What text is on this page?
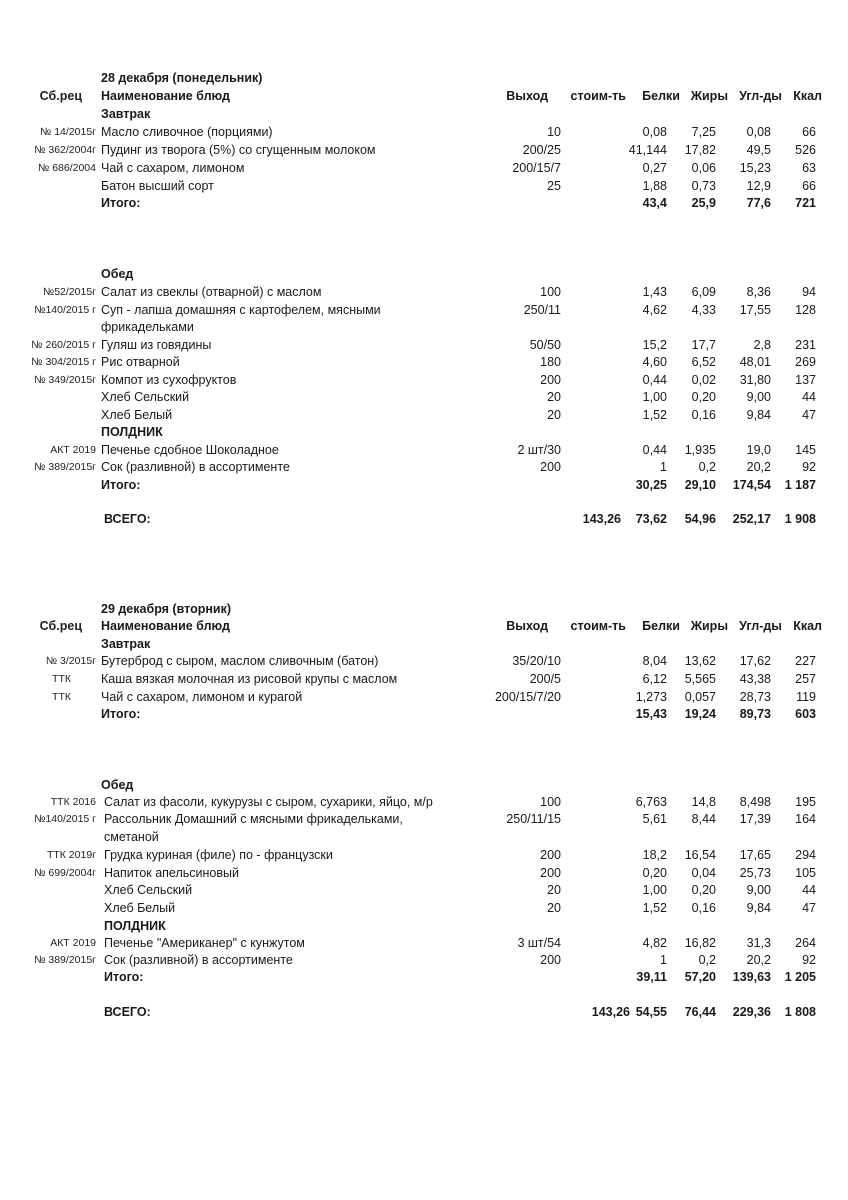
28 декабря (понедельник)
Сб.рец Наименование блюд	Выход стоим-ть Белки Жиры Угл-ды Ккал
Завтрак
№ 14/2015г Масло сливочное (порциями)	10	0,08 7,25 0,08 66
№ 362/2004г Пудинг из творога (5%) со сгущенным молоком	200/25	41,144 17,82 49,5 526
№ 686/2004 Чай с сахаром, лимоном	200/15/7	0,27 0,06 15,23 63
Батон высший сорт	25	1,88 0,73 12,9 66
Итого:	43,4 25,9 77,6 721
Обед
№52/2015г Салат из свеклы (отварной) с маслом	100	1,43 6,09 8,36 94
№140/2015 г Суп - лапша домашняя с картофелем, мясными	250/11	4,62 4,33 17,55 128
фрикадельками
№ 260/2015 г Гуляш из говядины	50/50	15,2 17,7	2,8 231
№ 304/2015 г Рис отварной	180	4,60 6,52 48,01 269
№ 349/2015г Компот из сухофруктов	200	0,44 0,02 31,80 137
Хлеб Сельский	20	1,00 0,20 9,00 44
Хлеб Белый	20	1,52 0,16 9,84 47
ПОЛДНИК
АКТ 2019 Печенье сдобное Шоколадное	2 шт/30	0,44 1,935 19,0 145
№ 389/2015г Сок (разливной) в ассортименте	200	1	0,2 20,2 92
Итого:	30,25 29,10 174,54 1 187
ВСЕГО:	143,26 73,62 54,96 252,17 1 908
29 декабря (вторник)
Сб.рец Наименование блюд	Выход стоим-ть Белки Жиры Угл-ды Ккал
Завтрак
№ 3/2015г Бутерброд с сыром, маслом сливочным (батон)	35/20/10	8,04 13,62 17,62 227
ТТК Каша вязкая молочная из рисовой крупы с маслом	200/5	6,12 5,565 43,38 257
ТТК Чай с сахаром, лимоном и курагой	200/15/7/20	1,273 0,057 28,73 119
Итого:	15,43 19,24 89,73 603
Обед
ТТК 2016 Салат из фасоли, кукурузы с сыром, сухарики, яйцо, м/р	100	6,763 14,8 8,498 195
№140/2015 г Рассольник Домашний с мясными фрикадельками,	250/11/15	5,61 8,44 17,39 164
сметаной
ТТК 2019г Грудка куриная (филе) по - французски	200	18,2 16,54 17,65 294
№ 699/2004г Напиток апельсиновый	200	0,20 0,04 25,73 105
Хлеб Сельский	20	1,00 0,20 9,00 44
Хлеб Белый	20	1,52 0,16 9,84 47
ПОЛДНИК
АКТ 2019 Печенье "Американер" с кунжутом	3 шт/54	4,82 16,82 31,3 264
№ 389/2015г Сок (разливной) в ассортименте	200	1	0,2 20,2 92
Итого:	39,11 57,20 139,63 1 205
ВСЕГО:	143,26 54,55 76,44 229,36 1 808
